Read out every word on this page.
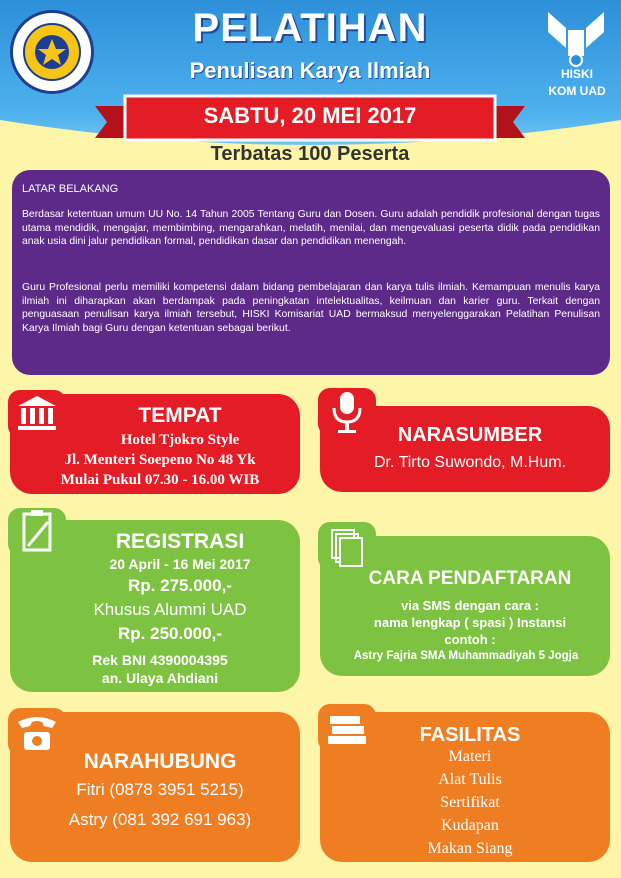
HISKI
KOM UAD
PELATIHAN
Penulisan Karya Ilmiah
SABTU, 20 MEI 2017
Terbatas 100 Peserta
LATAR BELAKANG

Berdasar ketentuan umum UU No. 14 Tahun 2005 Tentang Guru dan Dosen. Guru adalah pendidik profesional dengan tugas utama mendidik, mengajar, membimbing, mengarahkan, melatih, menilai, dan mengevaluasi peserta didik pada pendidikan anak usia dini jalur pendidikan formal, pendidikan dasar dan pendidikan menengah.

Guru Profesional perlu memiliki kompetensi dalam bidang pembelajaran dan karya tulis ilmiah. Kemampuan menulis karya ilmiah ini diharapkan akan berdampak pada peningkatan intelektualitas, keilmuan dan karier guru. Terkait dengan penguasaan penulisan karya ilmiah tersebut, HISKI Komisariat UAD bermaksud menyelenggarakan Pelatihan Penulisan Karya Ilmiah bagi Guru dengan ketentuan sebagai berikut.

TEMPAT
Hotel Tjokro Style
Jl. Menteri Soepeno No 48 Yk
Mulai Pukul 07.30 - 16.00 WIB
NARASUMBER
Dr. Tirto Suwondo, M.Hum.
REGISTRASI
20 April - 16 Mei 2017
Rp. 275.000,-
Khusus Alumni UAD
Rp. 250.000,-
Rek BNI 4390004395
an. Ulaya Ahdiani
CARA PENDAFTARAN
via SMS dengan cara :
nama lengkap ( spasi ) Instansi
contoh :
Astry Fajria SMA Muhammadiyah 5 Jogja
NARAHUBUNG
Fitri (0878 3951 5215)
Astry (081 392 691 963)
FASILITAS
Materi
Alat Tulis
Sertifikat
Kudapan
Makan Siang
